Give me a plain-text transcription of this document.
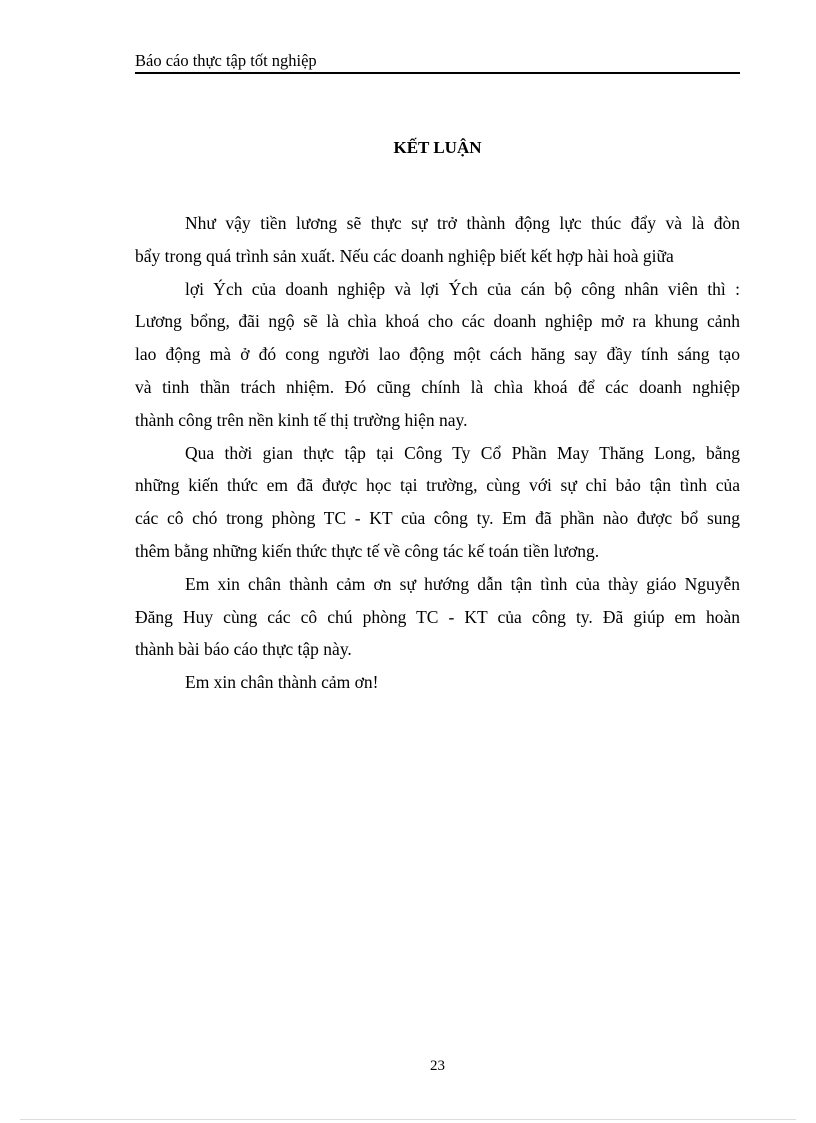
Báo cáo thực tập tốt nghiệp
KẾT LUẬN

Như vậy tiền lương sẽ thực sự trở thành động lực thúc đẩy và là đòn
bẩy trong quá trình sản xuất. Nếu các doanh nghiệp biết kết hợp hài hoà giữa

lợi Ých của doanh nghiệp và lợi Ých của cán bộ công nhân viên thì :
Lương bổng, đãi ngộ sẽ là chìa khoá cho các doanh nghiệp mở ra khung cảnh
lao động mà ở đó cong người lao động một cách hăng say đầy tính sáng tạo
và tinh thần trách nhiệm. Đó cũng chính là chìa khoá để các doanh nghiệp
thành công trên nền kinh tế thị trường hiện nay.

Qua thời gian thực tập tại Công Ty Cổ Phần May Thăng Long, bằng
những kiến thức em đã được học tại trường, cùng với sự chỉ bảo tận tình của
các cô chó trong phòng TC - KT của công ty. Em đã phần nào được bổ sung
thêm bằng những kiến thức thực tế về công tác kế toán tiền lương.

Em xin chân thành cảm ơn sự hướng dẫn tận tình của thày giáo Nguyễn
Đăng Huy cùng các cô chú phòng TC - KT của công ty. Đã giúp em hoàn
thành bài báo cáo thực tập này.

Em xin chân thành cảm ơn!

23
